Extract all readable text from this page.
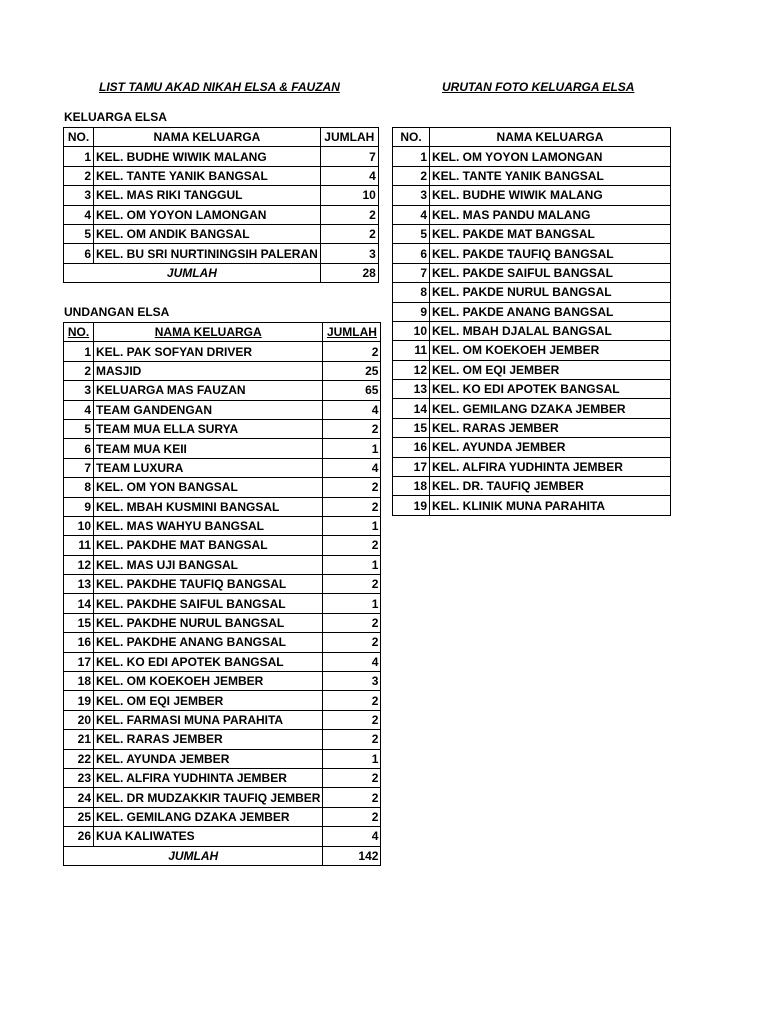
LIST TAMU AKAD NIKAH ELSA & FAUZAN	URUTAN FOTO KELUARGA ELSA
KELUARGA ELSA
NO.	NAMA KELUARGA	JUMLAH
1	KEL. BUDHE WIWIK MALANG	7
2	KEL. TANTE YANIK BANGSAL	4
3	KEL. MAS RIKI TANGGUL	10
4	KEL. OM YOYON LAMONGAN	2
5	KEL. OM ANDIK BANGSAL	2
6	KEL. BU SRI NURTININGSIH PALERAN	3
JUMLAH		28
UNDANGAN ELSA
NO.	NAMA KELUARGA	JUMLAH
1	KEL. PAK SOFYAN DRIVER	2
2	MASJID	25
3	KELUARGA MAS FAUZAN	65
4	TEAM GANDENGAN	4
5	TEAM MUA ELLA SURYA	2
6	TEAM MUA KEII	1
7	TEAM LUXURA	4
8	KEL. OM YON BANGSAL	2
9	KEL. MBAH KUSMINI BANGSAL	2
10	KEL. MAS WAHYU BANGSAL	1
11	KEL. PAKDHE MAT BANGSAL	2
12	KEL. MAS UJI BANGSAL	1
13	KEL. PAKDHE TAUFIQ BANGSAL	2
14	KEL. PAKDHE SAIFUL BANGSAL	1
15	KEL. PAKDHE NURUL BANGSAL	2
16	KEL. PAKDHE ANANG BANGSAL	2
17	KEL. KO EDI APOTEK BANGSAL	4
18	KEL. OM KOEKOEH JEMBER	3
19	KEL. OM EQI JEMBER	2
20	KEL. FARMASI MUNA PARAHITA	2
21	KEL. RARAS JEMBER	2
22	KEL. AYUNDA JEMBER	1
23	KEL. ALFIRA YUDHINTA JEMBER	2
24	KEL. DR MUDZAKKIR TAUFIQ JEMBER	2
25	KEL. GEMILANG DZAKA JEMBER	2
26	KUA KALIWATES	4
JUMLAH		142
NO.	NAMA KELUARGA
1	KEL. OM YOYON LAMONGAN
2	KEL. TANTE YANIK BANGSAL
3	KEL. BUDHE WIWIK MALANG
4	KEL. MAS PANDU MALANG
5	KEL. PAKDE MAT BANGSAL
6	KEL. PAKDE TAUFIQ BANGSAL
7	KEL. PAKDE SAIFUL BANGSAL
8	KEL. PAKDE NURUL BANGSAL
9	KEL. PAKDE ANANG BANGSAL
10	KEL. MBAH DJALAL BANGSAL
11	KEL. OM KOEKOEH JEMBER
12	KEL. OM EQI JEMBER
13	KEL. KO EDI APOTEK BANGSAL
14	KEL. GEMILANG DZAKA JEMBER
15	KEL. RARAS JEMBER
16	KEL. AYUNDA JEMBER
17	KEL. ALFIRA YUDHINTA JEMBER
18	KEL. DR. TAUFIQ JEMBER
19	KEL. KLINIK MUNA PARAHITA
